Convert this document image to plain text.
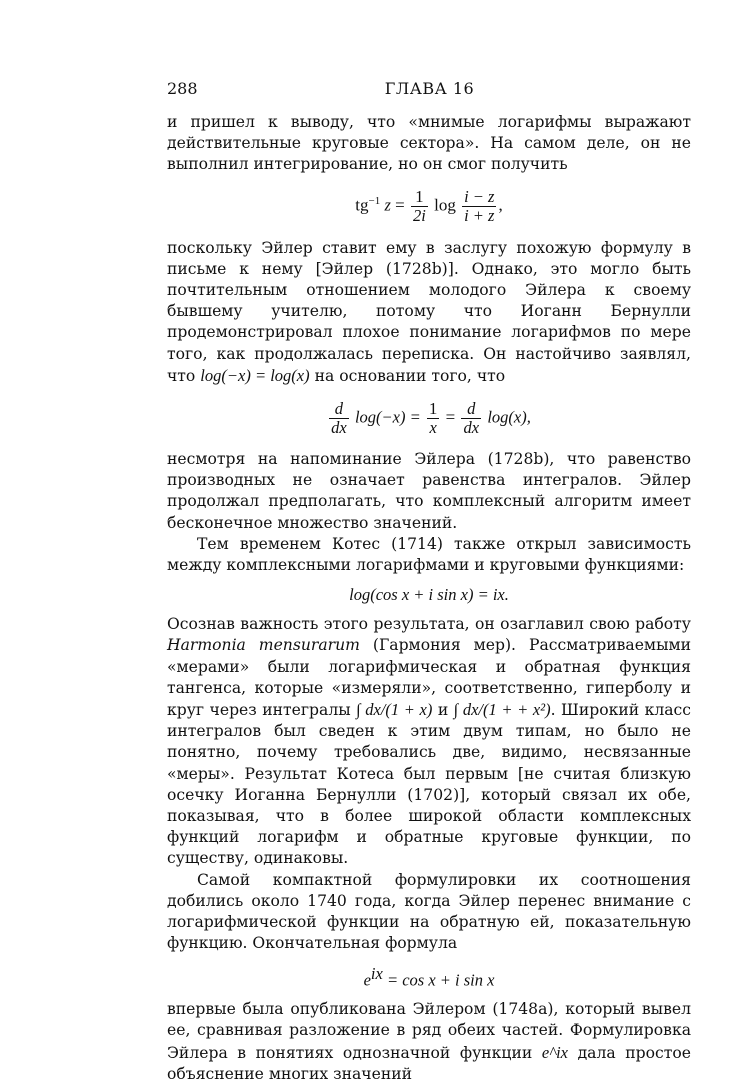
288	ГЛАВА 16

и пришел к выводу, что «мнимые логарифмы выражают действительные круговые сектора». На самом деле, он не выполнил интегрирование, но он смог получить

$tg^{-1}$ $z = \frac{1}{2i}$ $\log \frac{i - z}{i + z}$ ,

поскольку Эйлер ставит ему в заслугу похожую формулу в письме к нему [Эйлер (1728b)]. Однако, это могло быть почтительным отношением молодого Эйлера к своему бывшему учителю, потому что Иоганн Бернулли продемонстрировал плохое понимание логарифмов по мере того, как продолжалась переписка. Он настойчиво заявлял, что log(−x) = log(x) на основании того, что

$\frac{d}{dx} \log(-x) = \frac{1}{x} = \frac{d}{dx} \log(x)$,

несмотря на напоминание Эйлера (1728b), что равенство производных не означает равенства интегралов. Эйлер продолжал предполагать, что комплексный алгоритм имеет бесконечное множество значений.

Тем временем Котес (1714) также открыл зависимость между комплексными логарифмами и круговыми функциями:

log(cos x + i sin x) = ix.

Осознав важность этого результата, он озаглавил свою работу Harmonia mensurarum (Гармония мер). Рассматриваемыми «мерами» были логарифмическая и обратная функция тангенса, которые «измеряли», соответственно, гиперболу и круг через интегралы ∫ dx/(1 + x) и ∫ dx/(1 + + x²). Широкий класс интегралов был сведен к этим двум типам, но было не понятно, почему требовались две, видимо, несвязанные «меры». Результат Котеса был первым [не считая близкую осечку Иоганна Бернулли (1702)], который связал их обе, показывая, что в более широкой области комплексных функций логарифм и обратные круговые функции, по существу, одинаковы.

Самой компактной формулировки их соотношения добились около 1740 года, когда Эйлер перенес внимание с логарифмической функции на обратную ей, показательную функцию. Окончательная формула

$e^{ix} = \cos x + i$ sin x

впервые была опубликована Эйлером (1748a), который вывел ее, сравнивая разложение в ряд обеих частей. Формулировка Эйлера в понятиях однозначной функции e^ix дала простое объяснение многих значений
